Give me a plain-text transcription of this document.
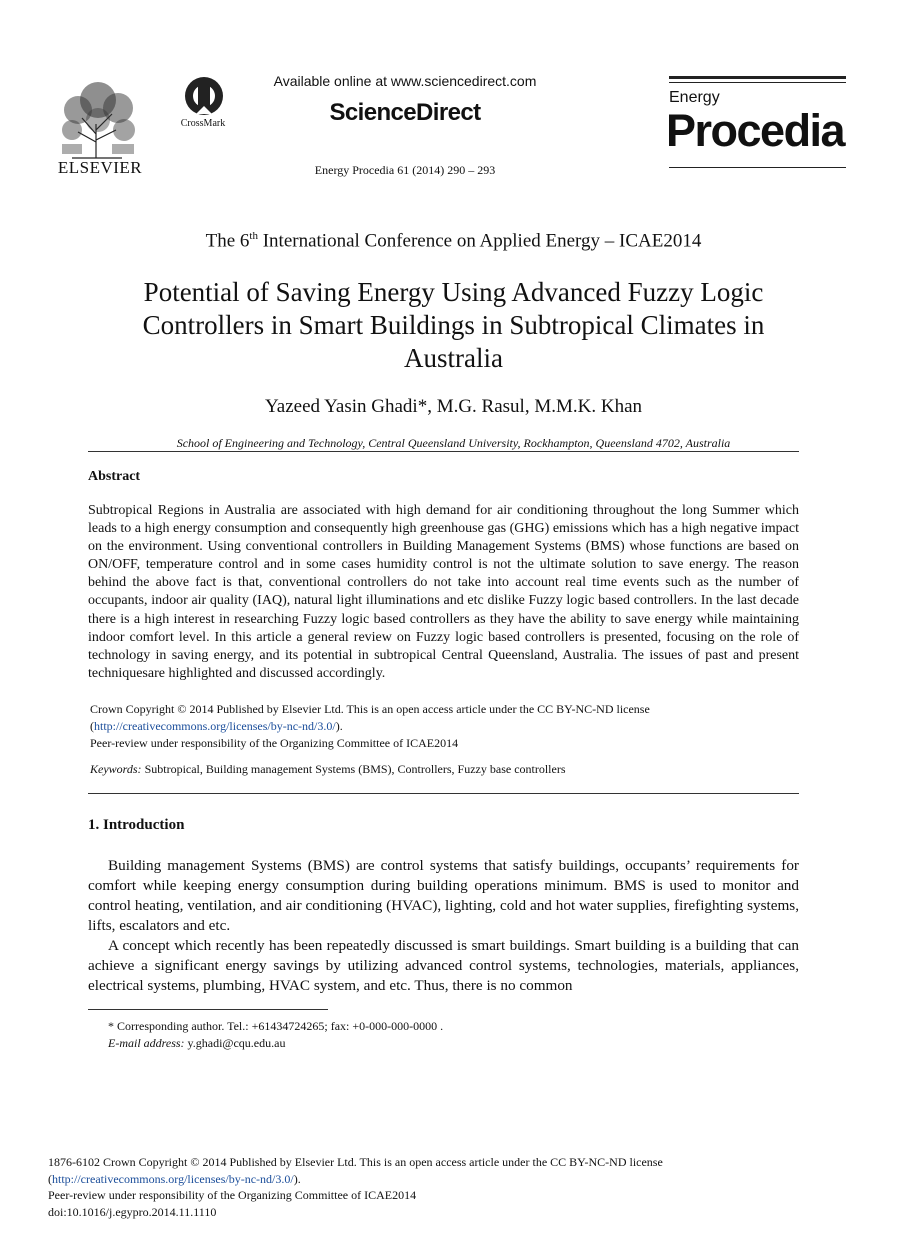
ELSEVIER
CrossMark
Available online at www.sciencedirect.com
ScienceDirect
Energy Procedia 61 (2014) 290 – 293
Energy
Procedia
The 6th International Conference on Applied Energy – ICAE2014
Potential of Saving Energy Using Advanced Fuzzy Logic
Controllers in Smart Buildings in Subtropical Climates in
Australia
Yazeed Yasin Ghadi*, M.G. Rasul, M.M.K. Khan
School of Engineering and Technology, Central Queensland University, Rockhampton, Queensland 4702, Australia
Abstract
Subtropical Regions in Australia are associated with high demand for air conditioning throughout the long Summer which leads to a high energy consumption and consequently high greenhouse gas (GHG) emissions which has a high negative impact on the environment. Using conventional controllers in Building Management Systems (BMS) whose functions are based on ON/OFF, temperature control and in some cases humidity control is not the ultimate solution to save energy. The reason behind the above fact is that, conventional controllers do not take into account real time events such as the number of occupants, indoor air quality (IAQ), natural light illuminations and etc dislike Fuzzy logic based controllers. In the last decade there is a high interest in researching Fuzzy logic based controllers as they have the ability to save energy while maintaining indoor comfort level. In this article a general review on Fuzzy logic based controllers is presented, focusing on the role of technology in saving energy, and its potential in subtropical Central Queensland, Australia. The issues of past and present techniquesare highlighted and discussed accordingly.
Crown Copyright © 2014 Published by Elsevier Ltd. This is an open access article under the CC BY-NC-ND license
(http://creativecommons.org/licenses/by-nc-nd/3.0/).
Peer-review under responsibility of the Organizing Committee of ICAE2014
Keywords: Subtropical, Building management Systems (BMS), Controllers, Fuzzy base controllers
1. Introduction
Building management Systems (BMS) are control systems that satisfy buildings, occupants’ requirements for comfort while keeping energy consumption during building operations minimum. BMS is used to monitor and control heating, ventilation, and air conditioning (HVAC), lighting, cold and hot water supplies, firefighting systems, lifts, escalators and etc.
A concept which recently has been repeatedly discussed is smart buildings. Smart building is a building that can achieve a significant energy savings by utilizing advanced control systems, technologies, materials, appliances, electrical systems, plumbing, HVAC system, and etc. Thus, there is no common
* Corresponding author. Tel.: +61434724265; fax: +0-000-000-0000 .
E-mail address: y.ghadi@cqu.edu.au
1876-6102 Crown Copyright © 2014 Published by Elsevier Ltd. This is an open access article under the CC BY-NC-ND license
(http://creativecommons.org/licenses/by-nc-nd/3.0/).
Peer-review under responsibility of the Organizing Committee of ICAE2014
doi:10.1016/j.egypro.2014.11.1110
